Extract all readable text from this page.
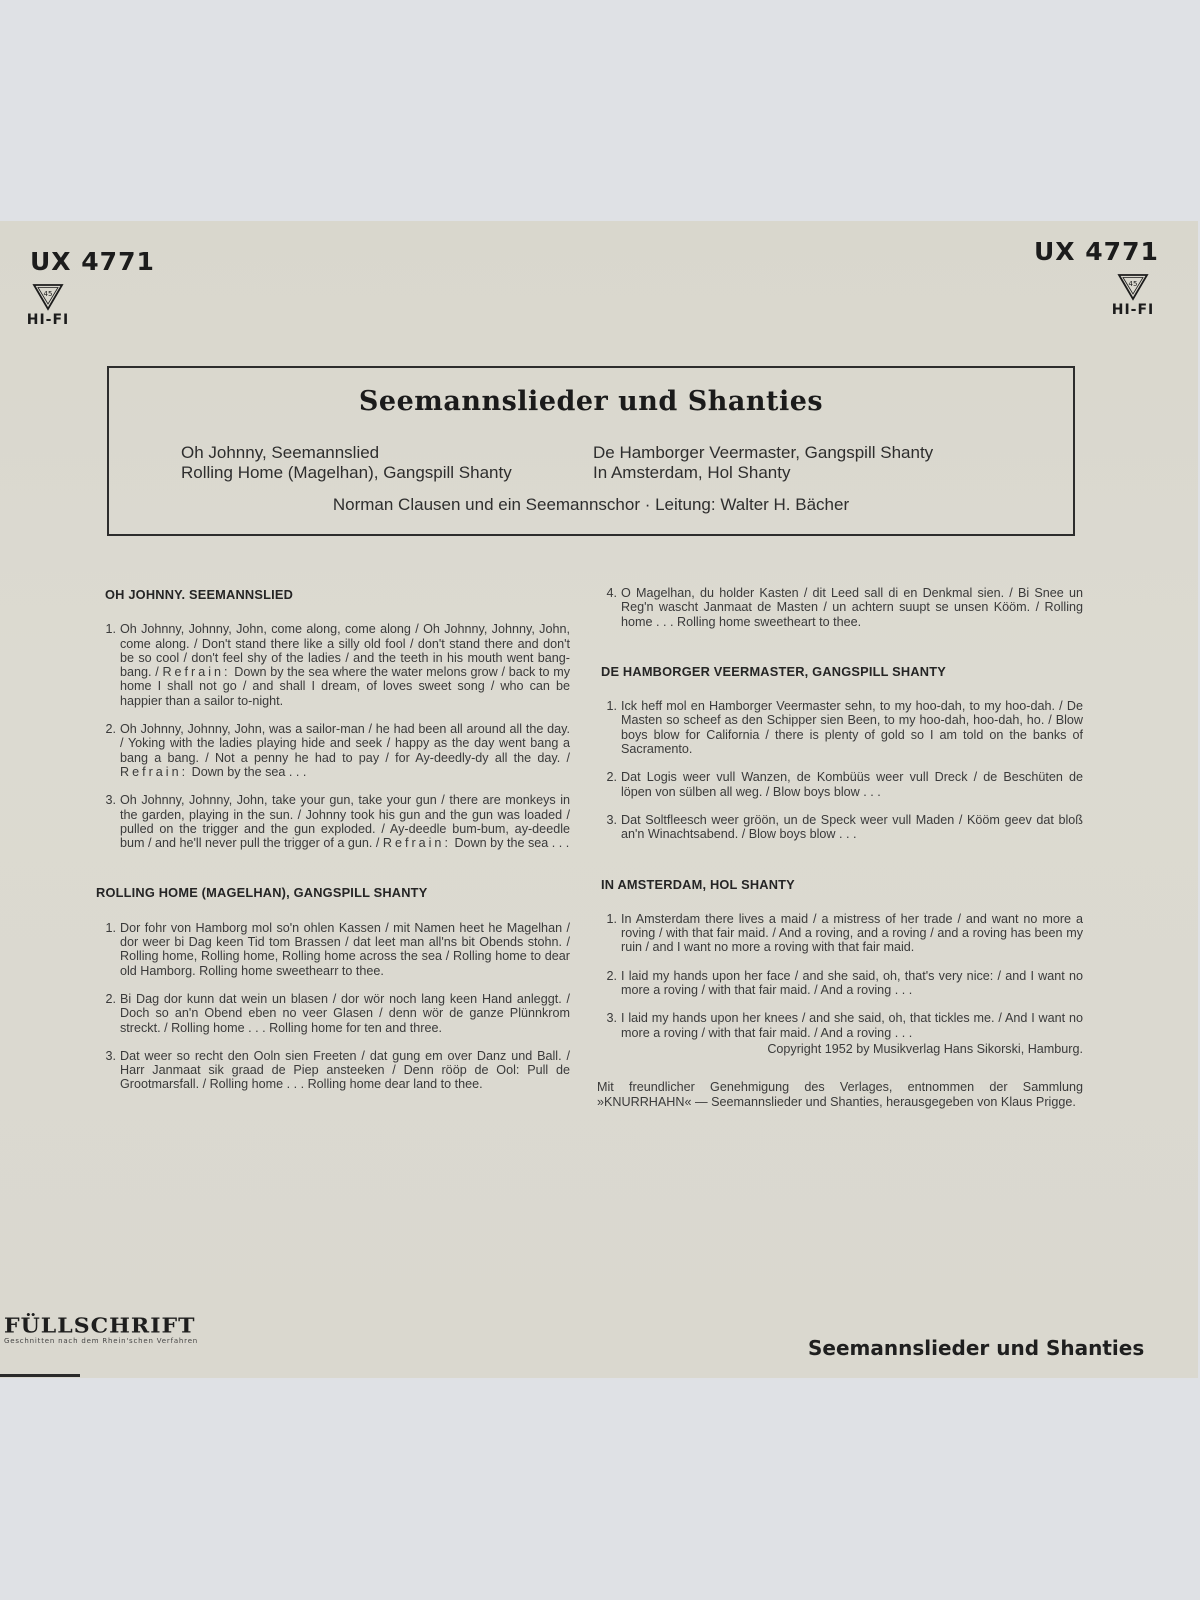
UX 4771
45
HI-FI
UX 4771
45
HI-FI
Seemannslieder und Shanties
Oh Johnny, Seemannslied
Rolling Home (Magelhan), Gangspill Shanty
De Hamborger Veermaster, Gangspill Shanty
In Amsterdam, Hol Shanty
Norman Clausen und ein Seemannschor · Leitung: Walter H. Bächer
OH JOHNNY. SEEMANNSLIED
1. Oh Johnny, Johnny, John, come along, come along / Oh Johnny, Johnny, John, come along. / Don't stand there like a silly old fool / don't stand there and don't be so cool / don't feel shy of the ladies / and the teeth in his mouth went bang-bang. / Refrain: Down by the sea where the water melons grow / back to my home I shall not go / and shall I dream, of loves sweet song / who can be happier than a sailor to-night.
2. Oh Johnny, Johnny, John, was a sailor-man / he had been all around all the day. / Yoking with the ladies playing hide and seek / happy as the day went bang a bang a bang. / Not a penny he had to pay / for Ay-deedly-dy all the day. / Refrain: Down by the sea . . .
3. Oh Johnny, Johnny, John, take your gun, take your gun / there are monkeys in the garden, playing in the sun. / Johnny took his gun and the gun was loaded / pulled on the trigger and the gun exploded. / Ay-deedle bum-bum, ay-deedle bum / and he'll never pull the trigger of a gun. / Refrain: Down by the sea . . .
ROLLING HOME (MAGELHAN), GANGSPILL SHANTY
1. Dor fohr von Hamborg mol so'n ohlen Kassen / mit Namen heet he Magelhan / dor weer bi Dag keen Tid tom Brassen / dat leet man all'ns bit Obends stohn. / Rolling home, Rolling home, Rolling home across the sea / Rolling home to dear old Hamborg. Rolling home sweethearr to thee.
2. Bi Dag dor kunn dat wein un blasen / dor wör noch lang keen Hand anleggt. / Doch so an'n Obend eben no veer Glasen / denn wör de ganze Plünnkrom streckt. / Rolling home . . . Rolling home for ten and three.
3. Dat weer so recht den Ooln sien Freeten / dat gung em over Danz und Ball. / Harr Janmaat sik graad de Piep ansteeken / Denn rööp de Ool: Pull de Grootmarsfall. / Rolling home . . . Rolling home dear land to thee.
4. O Magelhan, du holder Kasten / dit Leed sall di en Denkmal sien. / Bi Snee un Reg'n wascht Janmaat de Masten / un achtern suupt se unsen Kööm. / Rolling home . . . Rolling home sweetheart to thee.
DE HAMBORGER VEERMASTER, GANGSPILL SHANTY
1. Ick heff mol en Hamborger Veermaster sehn, to my hoo-dah, to my hoo-dah. / De Masten so scheef as den Schipper sien Been, to my hoo-dah, hoo-dah, ho. / Blow boys blow for California / there is plenty of gold so I am told on the banks of Sacramento.
2. Dat Logis weer vull Wanzen, de Kombüüs weer vull Dreck / de Beschüten de löpen von sülben all weg. / Blow boys blow . . .
3. Dat Soltfleesch weer gröön, un de Speck weer vull Maden / Kööm geev dat bloß an'n Winachtsabend. / Blow boys blow . . .
IN AMSTERDAM, HOL SHANTY
1. In Amsterdam there lives a maid / a mistress of her trade / and want no more a roving / with that fair maid. / And a roving, and a roving / and a roving has been my ruin / and I want no more a roving with that fair maid.
2. I laid my hands upon her face / and she said, oh, that's very nice: / and I want no more a roving / with that fair maid. / And a roving . . .
3. I laid my hands upon her knees / and she said, oh, that tickles me. / And I want no more a roving / with that fair maid. / And a roving . . .
Copyright 1952 by Musikverlag Hans Sikorski, Hamburg.
Mit freundlicher Genehmigung des Verlages, entnommen der Sammlung »KNURRHAHN« — Seemannslieder und Shanties, herausgegeben von Klaus Prigge.
FÜLLSCHRIFT
Geschnitten nach dem Rhein'schen Verfahren	Seemannslieder und Shanties
